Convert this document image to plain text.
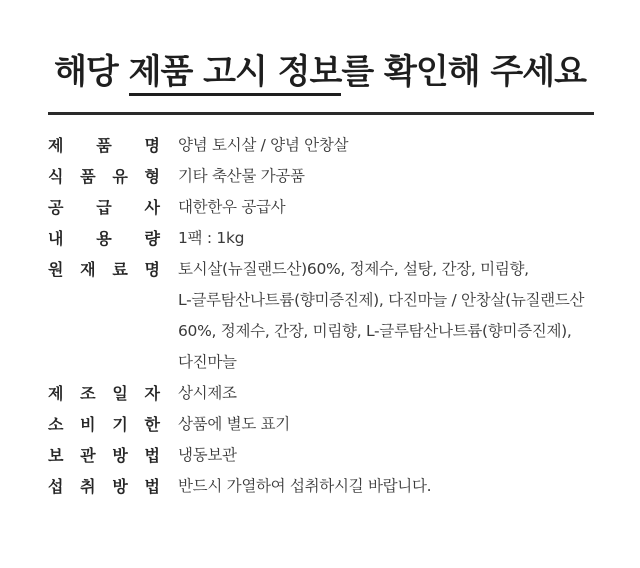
해당 제품 고시 정보를 확인해 주세요
제 품 명 양념 토시살 / 양념 안창살
식 품 유 형 기타 축산물 가공품
공 급 사 대한한우 공급사
내 용 량 1팩 : 1kg
원 재 료 명 토시살(뉴질랜드산)60%, 정제수, 설탕, 간장, 미림향,
L-글루탐산나트륨(향미증진제), 다진마늘 / 안창살(뉴질랜드산
60%, 정제수, 간장, 미림향, L-글루탐산나트륨(향미증진제),
다진마늘
제 조 일 자 상시제조
소 비 기 한 상품에 별도 표기
보 관 방 법 냉동보관
섭 취 방 법 반드시 가열하여 섭취하시길 바랍니다.
